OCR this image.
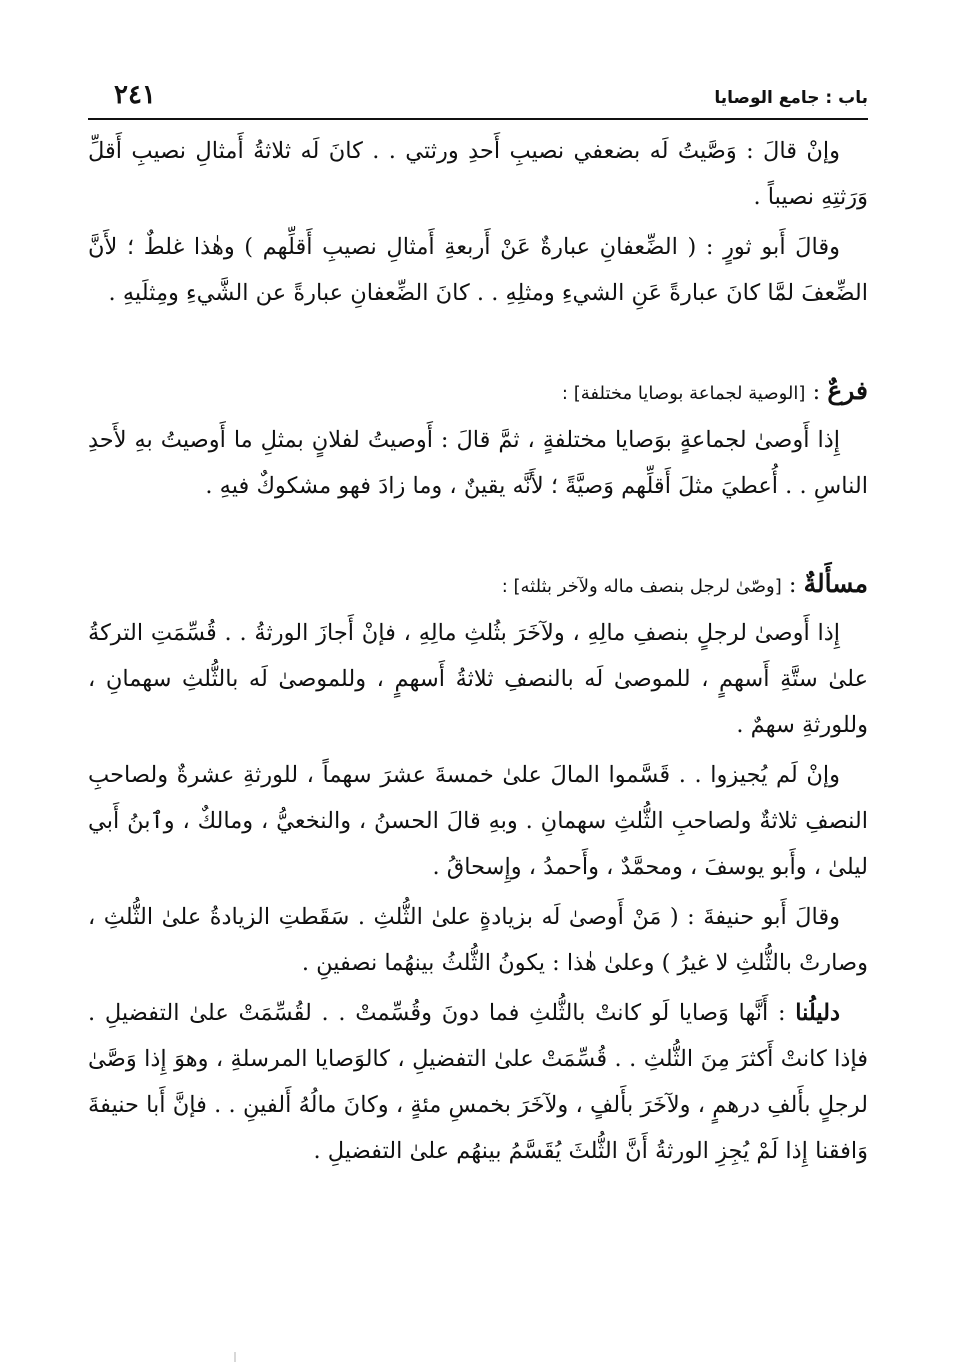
باب : جامع الوصايا
٢٤١

وإنْ قالَ : وَصَّيتُ لَه بضعفي نصيبِ أَحدِ ورثتي . . كانَ لَه ثلاثةُ أَمثالِ نصيبِ أَقلِّ وَرَثتِهِ نصيباً .

وقالَ أَبو ثورٍ : ( الضِّعفانِ عبارةٌ عَنْ أَربعةِ أَمثالِ نصيبِ أَقلِّهم ) وهٰذا غلطٌ ؛ لأَنَّ الضِّعفَ لمَّا كانَ عبارةً عَنِ الشيءِ ومثلِهِ . . كانَ الضِّعفانِ عبارةً عن الشَّيءِ ومِثلَيهِ .

فرعٌ : [الوصية لجماعة بوصايا مختلفة] :

إِذا أَوصىٰ لجماعةٍ بوَصايا مختلفةٍ ، ثمَّ قالَ : أَوصيتُ لفلانٍ بمثلِ ما أَوصيتُ بهِ لأَحدِ الناسِ . . أُعطيَ مثلَ أَقلِّهم وَصيَّةً ؛ لأَنَّه يقينٌ ، وما زادَ فهو مشكوكٌ فيهِ .

مسأَلةٌ : [وصّىٰ لرجل بنصف ماله ولآخر بثلثه] :

إِذا أَوصىٰ لرجلٍ بنصفِ مالِهِ ، ولآخَرَ بثُلثِ مالِهِ ، فإنْ أَجازَ الورثةُ . . قُسِّمَتِ التركةُ علىٰ ستَّةِ أَسهمٍ ، للموصىٰ لَه بالنصفِ ثلاثةُ أَسهمٍ ، وللموصىٰ لَه بالثُّلثِ سهمانِ ، وللورثةِ سهمٌ .

وإنْ لَم يُجيزوا . . قَسَّموا المالَ علىٰ خمسةَ عشرَ سهماً ، للورثةِ عشرةٌ ولصاحبِ النصفِ ثلاثةٌ ولصاحبِ الثُّلثِ سهمانِ . وبهِ قالَ الحسنُ ، والنخعيُّ ، ومالكٌ ، وٱبنُ أَبي ليلىٰ ، وأَبو يوسفَ ، ومحمَّدٌ ، وأَحمدُ ، وإِسحاقُ .

وقالَ أَبو حنيفةَ : ( مَنْ أَوصىٰ لَه بزيادةٍ علىٰ الثُّلثِ . سَقَطتِ الزيادةُ علىٰ الثُّلثِ ، وصارتْ بالثُّلثِ لا غيرُ ) وعلىٰ هٰذا : يكونُ الثُّلثُ بينهُما نصفينِ .

دليلُنا : أَنَّها وَصايا لَو كانتْ بالثُّلثِ فما دونَ وقُسِّمتْ . . لقُسِّمَتْ علىٰ التفضيلِ . فإذا كانتْ أَكثرَ مِنَ الثُّلثِ . . قُسِّمَتْ علىٰ التفضيلِ ، كالوَصايا المرسلةِ ، وهوَ إِذا وَصَّىٰ لرجلٍ بأَلفِ درهمٍ ، ولآخَرَ بأَلفٍ ، ولآخَرَ بخمسِ مئةٍ ، وكانَ مالُهُ أَلفينِ . . فإنَّ أَبا حنيفةَ وَافقنا إِذا لَمْ يُجِزِ الورثةُ أَنَّ الثُّلثَ يُقَسَّمُ بينهُم علىٰ التفضيلِ .
